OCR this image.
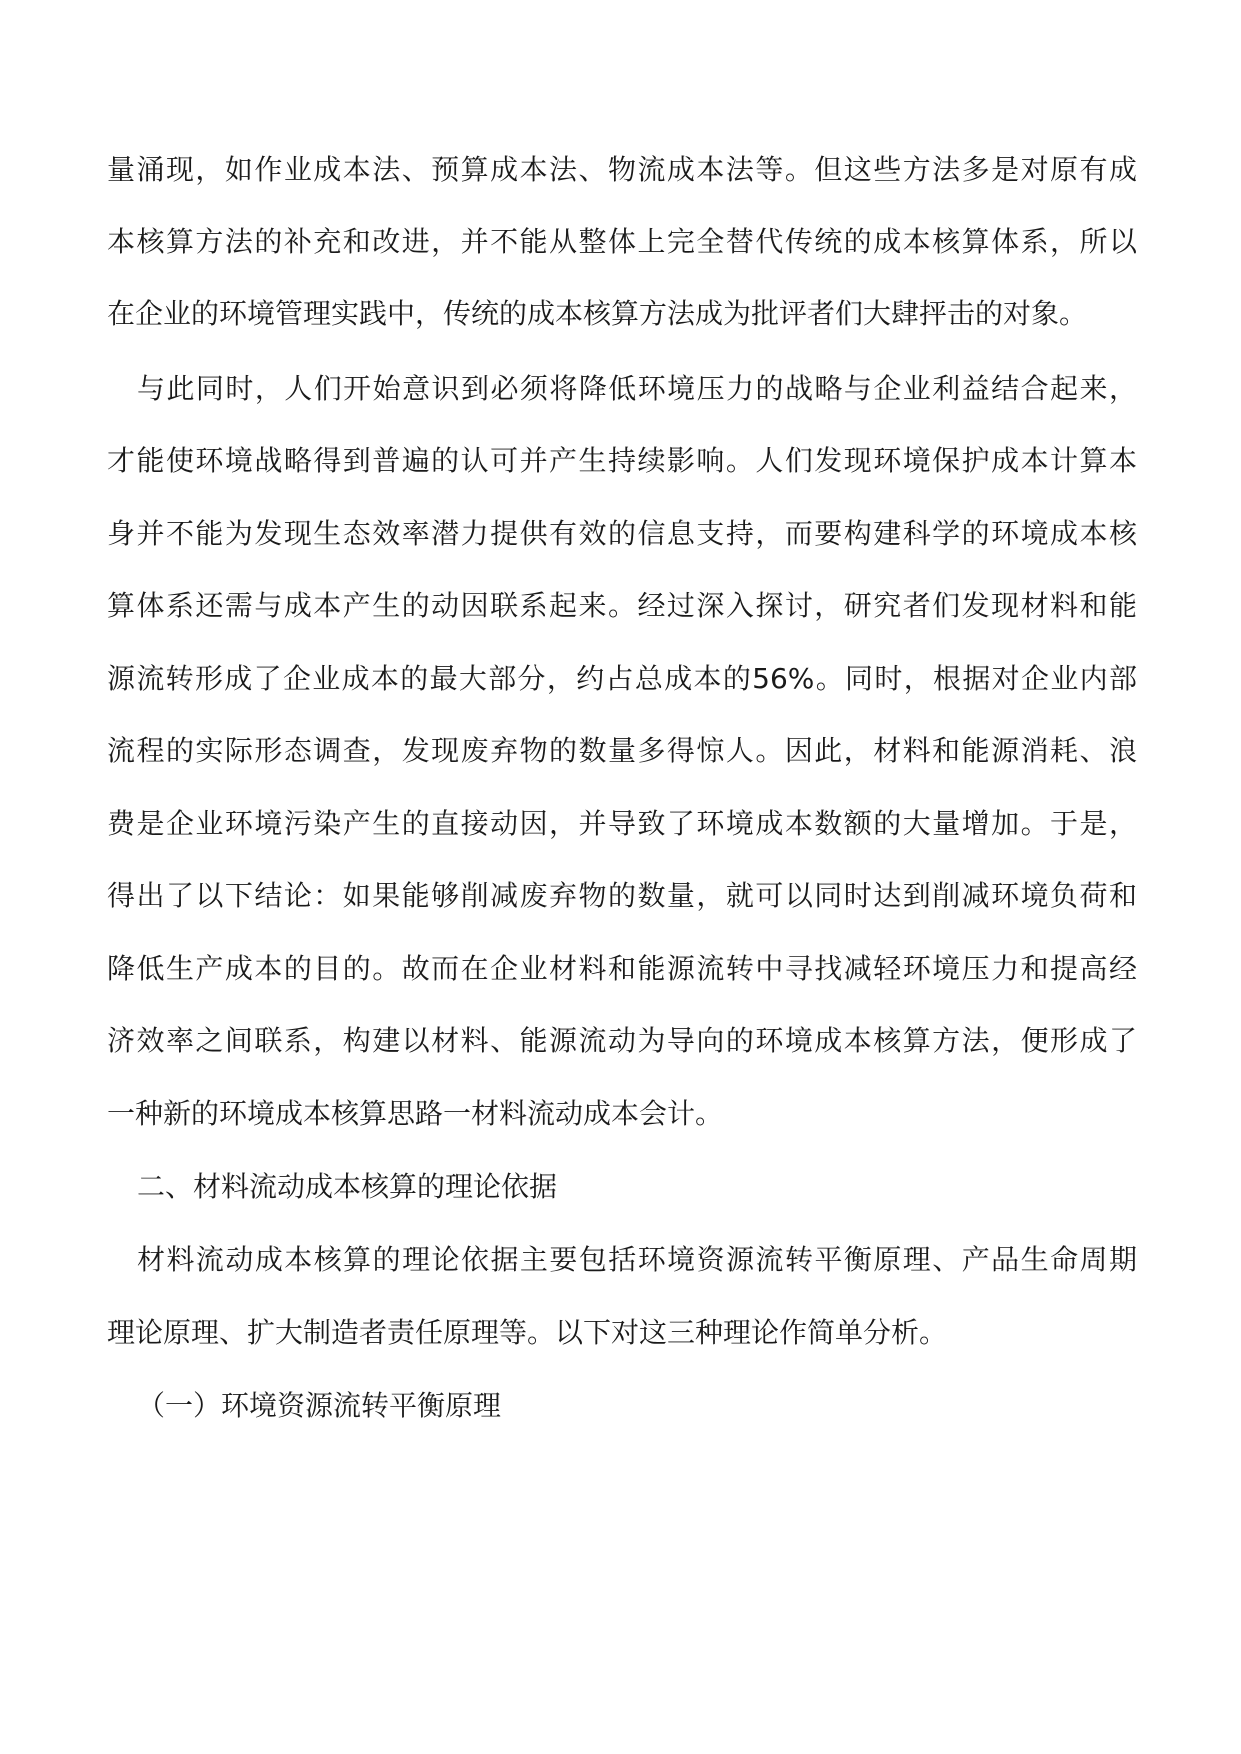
量涌现，如作业成本法、预算成本法、物流成本法等。但这些方法多是对原有成
本核算方法的补充和改进，并不能从整体上完全替代传统的成本核算体系，所以
在企业的环境管理实践中，传统的成本核算方法成为批评者们大肆抨击的对象。
与此同时，人们开始意识到必须将降低环境压力的战略与企业利益结合起来，
才能使环境战略得到普遍的认可并产生持续影响。人们发现环境保护成本计算本
身并不能为发现生态效率潜力提供有效的信息支持，而要构建科学的环境成本核
算体系还需与成本产生的动因联系起来。经过深入探讨，研究者们发现材料和能
源流转形成了企业成本的最大部分，约占总成本的56%。同时，根据对企业内部
流程的实际形态调查，发现废弃物的数量多得惊人。因此，材料和能源消耗、浪
费是企业环境污染产生的直接动因，并导致了环境成本数额的大量增加。于是，
得出了以下结论：如果能够削减废弃物的数量，就可以同时达到削减环境负荷和
降低生产成本的目的。故而在企业材料和能源流转中寻找减轻环境压力和提高经
济效率之间联系，构建以材料、能源流动为导向的环境成本核算方法，便形成了
一种新的环境成本核算思路一材料流动成本会计。
二、材料流动成本核算的理论依据
材料流动成本核算的理论依据主要包括环境资源流转平衡原理、产品生命周期
理论原理、扩大制造者责任原理等。以下对这三种理论作简单分析。
（一）环境资源流转平衡原理
